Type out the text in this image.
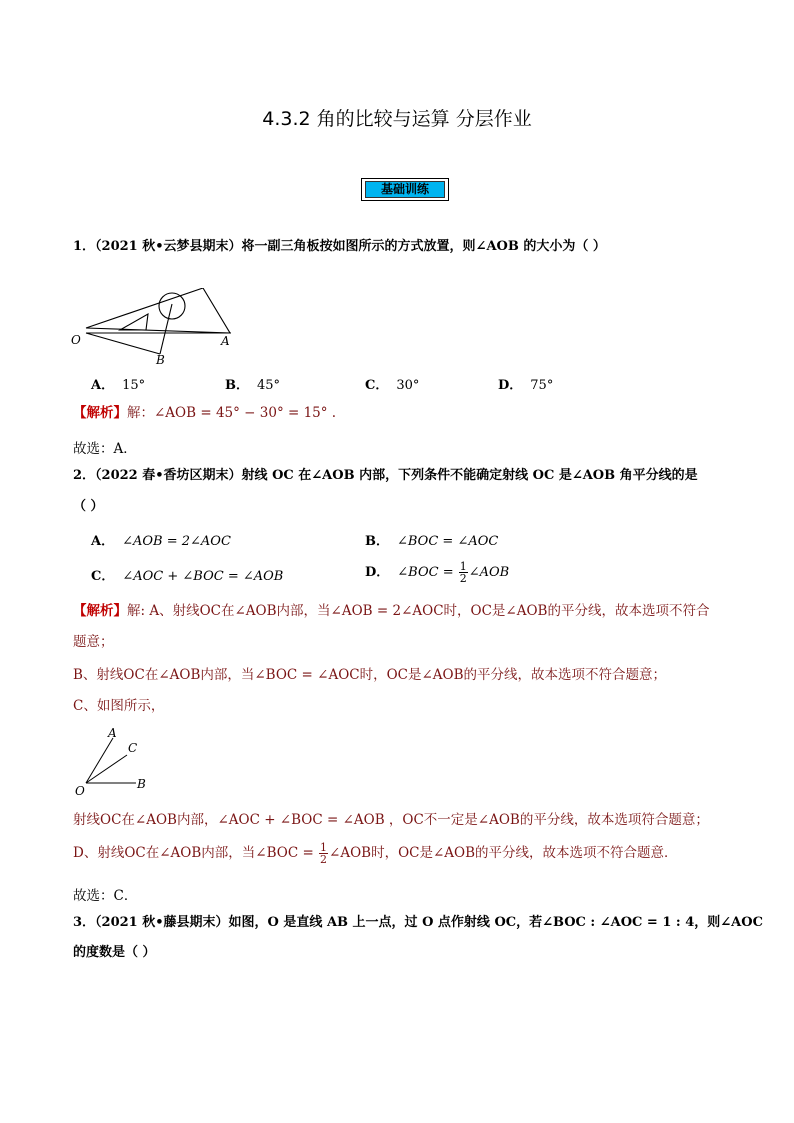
4.3.2 角的比较与运算 分层作业
基础训练
1．（2021 秋•云梦县期末）将一副三角板按如图所示的方式放置，则∠AOB 的大小为（ ）
O	A
B
A． 15°	B． 45°	C． 30°	D． 75°
【解析】解：∠AOB = 45° − 30° = 15° .
故选：A．
2．（2022 春•香坊区期末）射线 OC 在∠AOB 内部，下列条件不能确定射线 OC 是∠AOB 角平分线的是
（ ）
A． ∠AOB = 2∠AOC	B． ∠BOC = ∠AOC
C． ∠AOC + ∠BOC = ∠AOB	D． ∠BOC = $\frac{1}{2}$ ∠AOB
【解析】解: A、射线OC在∠AOB内部，当∠AOB = 2∠AOC时，OC是∠AOB的平分线，故本选项不符合
题意；
B、射线OC在∠AOB内部，当∠BOC = ∠AOC时，OC是∠AOB的平分线，故本选项不符合题意；
C、如图所示，
A
C
O	B
射线OC在∠AOB内部，∠AOC + ∠BOC = ∠AOB ，OC不一定是∠AOB的平分线，故本选项符合题意；
D、射线OC在∠AOB内部，当∠BOC = $\frac{1}{2}$ ∠AOB时，OC是∠AOB的平分线，故本选项不符合题意．
故选：C．
3．（2021 秋•藤县期末）如图，O 是直线 AB 上一点，过 O 点作射线 OC，若∠BOC : ∠AOC = 1 : 4，则∠AOC
的度数是（ ）
